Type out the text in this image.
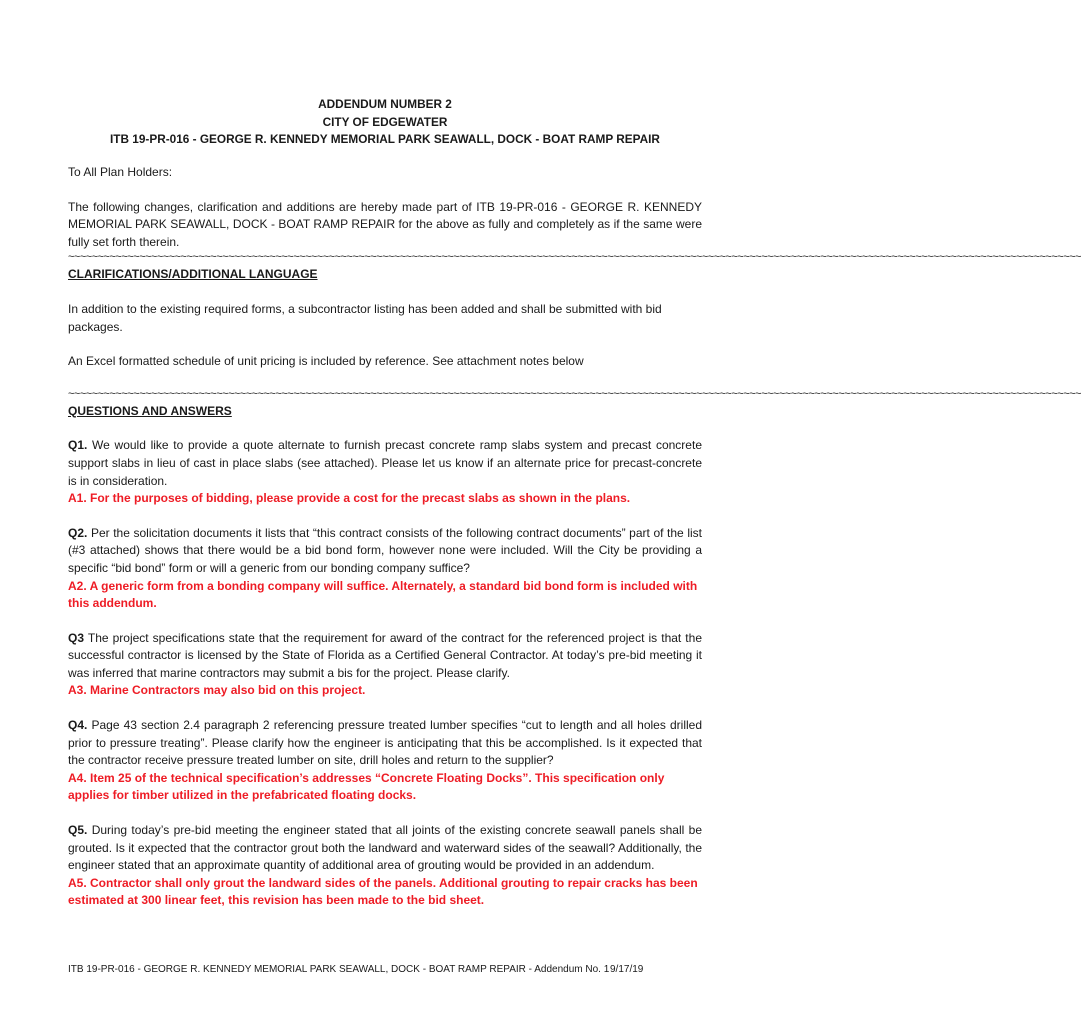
ADDENDUM NUMBER 2
CITY OF EDGEWATER
ITB 19-PR-016 - GEORGE R. KENNEDY MEMORIAL PARK SEAWALL, DOCK - BOAT RAMP REPAIR

To All Plan Holders:

The following changes, clarification and additions are hereby made part of ITB 19-PR-016 - GEORGE R. KENNEDY MEMORIAL PARK SEAWALL, DOCK - BOAT RAMP REPAIR for the above as fully and completely as if the same were fully set forth therein.

~~~~~~~~~~~~~~~~~~~~~~~~~~~~~~~~~~~~~~~~~~~~~~~~~~~~~~~~~~~~~~~~~~~~~~~~~~~~~~~~~~~~~~~~~~~~~~~~~~~~~~~~~~~~~~~~~~~~~~~~~~~~~~~~~~~~~~~~~~~~~~~~~~~~~~~~~~~~~~~~~~~~~~~~~~~

CLARIFICATIONS/ADDITIONAL LANGUAGE

In addition to the existing required forms, a subcontractor listing has been added and shall be submitted with bid packages.

An Excel formatted schedule of unit pricing is included by reference. See attachment notes below

~~~~~~~~~~~~~~~~~~~~~~~~~~~~~~~~~~~~~~~~~~~~~~~~~~~~~~~~~~~~~~~~~~~~~~~~~~~~~~~~~~~~~~~~~~~~~~~~~~~~~~~~~~~~~~~~~~~~~~~~~~~~~~~~~~~~~~~~~~~~~~~~~~~~~~~~~~~~~~~~~~~~~~~~~~~

QUESTIONS AND ANSWERS

Q1. We would like to provide a quote alternate to furnish precast concrete ramp slabs system and precast concrete support slabs in lieu of cast in place slabs (see attached). Please let us know if an alternate price for precast-concrete is in consideration.

A1. For the purposes of bidding, please provide a cost for the precast slabs as shown in the plans.

Q2. Per the solicitation documents it lists that “this contract consists of the following contract documents” part of the list (#3 attached) shows that there would be a bid bond form, however none were included. Will the City be providing a specific “bid bond” form or will a generic from our bonding company suffice?

A2. A generic form from a bonding company will suffice. Alternately, a standard bid bond form is included with this addendum.

Q3 The project specifications state that the requirement for award of the contract for the referenced project is that the successful contractor is licensed by the State of Florida as a Certified General Contractor. At today’s pre-bid meeting it was inferred that marine contractors may submit a bis for the project. Please clarify.

A3. Marine Contractors may also bid on this project.

Q4. Page 43 section 2.4 paragraph 2 referencing pressure treated lumber specifies “cut to length and all holes drilled prior to pressure treating”. Please clarify how the engineer is anticipating that this be accomplished. Is it expected that the contractor receive pressure treated lumber on site, drill holes and return to the supplier?

A4. Item 25 of the technical specification’s addresses “Concrete Floating Docks”. This specification only applies for timber utilized in the prefabricated floating docks.

Q5. During today’s pre-bid meeting the engineer stated that all joints of the existing concrete seawall panels shall be grouted. Is it expected that the contractor grout both the landward and waterward sides of the seawall? Additionally, the engineer stated that an approximate quantity of additional area of grouting would be provided in an addendum.

A5. Contractor shall only grout the landward sides of the panels. Additional grouting to repair cracks has been estimated at 300 linear feet, this revision has been made to the bid sheet.

ITB 19-PR-016 - GEORGE R. KENNEDY MEMORIAL PARK SEAWALL, DOCK - BOAT RAMP REPAIR - Addendum No. 1 9/17/19
